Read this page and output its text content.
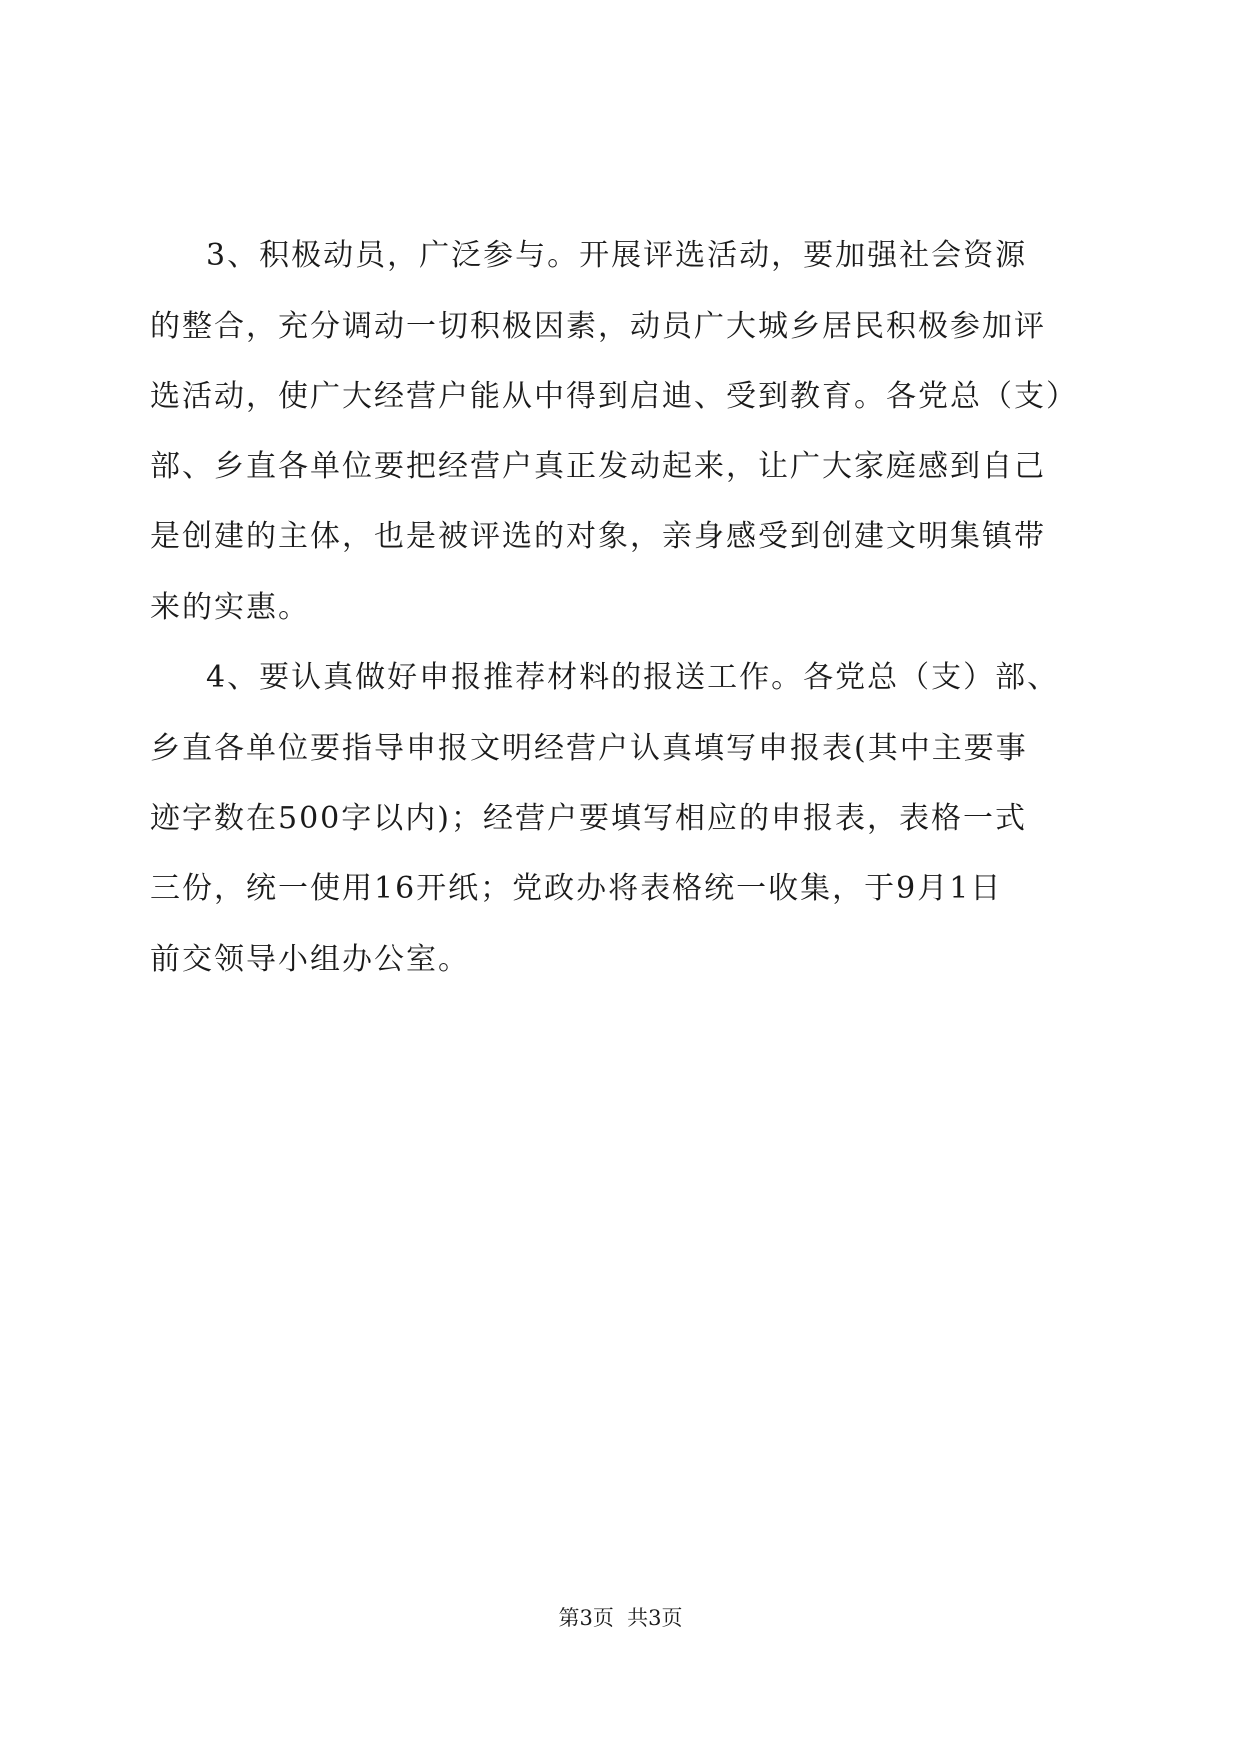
3、积极动员，广泛参与。开展评选活动，要加强社会资源
的整合，充分调动一切积极因素，动员广大城乡居民积极参加评
选活动，使广大经营户能从中得到启迪、受到教育。各党总（支）
部、乡直各单位要把经营户真正发动起来，让广大家庭感到自己
是创建的主体，也是被评选的对象，亲身感受到创建文明集镇带
来的实惠。
4、要认真做好申报推荐材料的报送工作。各党总（支）部、
乡直各单位要指导申报文明经营户认真填写申报表(其中主要事
迹字数在500字以内)；经营户要填写相应的申报表，表格一式
三份，统一使用16开纸；党政办将表格统一收集，于9月1日
前交领导小组办公室。
第3页  共3页
